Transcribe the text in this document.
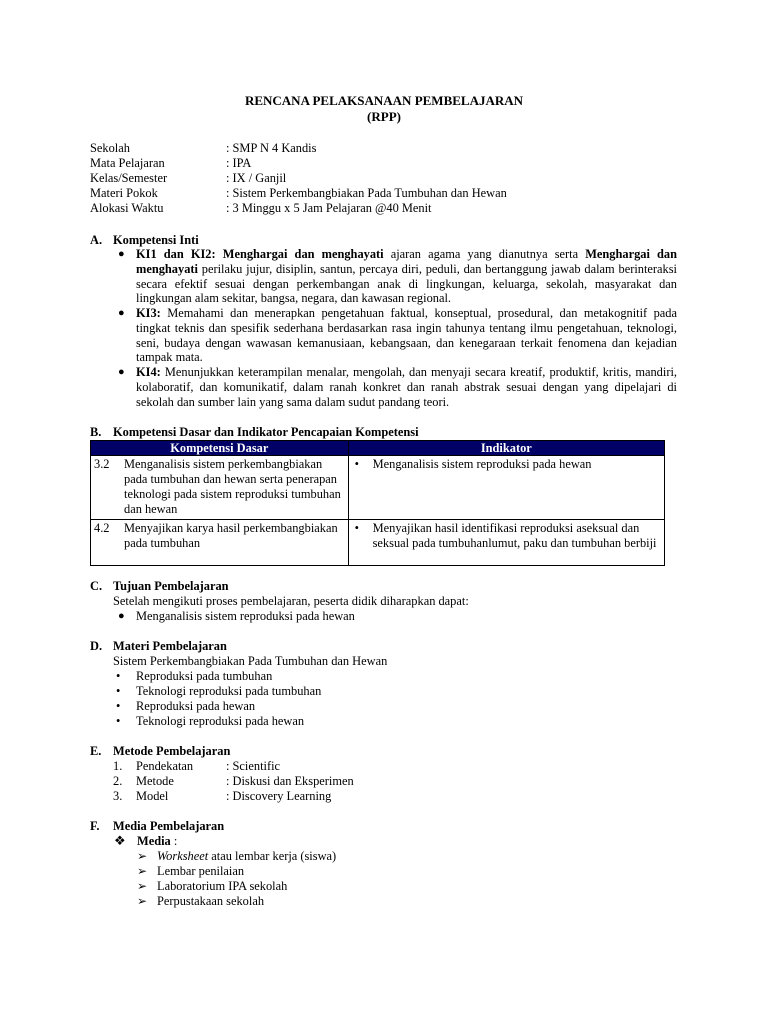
RENCANA PELAKSANAAN PEMBELAJARAN
(RPP)
Sekolah	: SMP N 4 Kandis
Mata Pelajaran	: IPA
Kelas/Semester	: IX / Ganjil
Materi Pokok	: Sistem Perkembangbiakan Pada Tumbuhan dan Hewan
Alokasi Waktu	: 3 Minggu x 5 Jam Pelajaran @40 Menit
A. Kompetensi Inti
● KI1 dan KI2: Menghargai dan menghayati ajaran agama yang dianutnya serta Menghargai dan menghayati perilaku jujur, disiplin, santun, percaya diri, peduli, dan bertanggung jawab dalam berinteraksi secara efektif sesuai dengan perkembangan anak di lingkungan, keluarga, sekolah, masyarakat dan lingkungan alam sekitar, bangsa, negara, dan kawasan regional.
● KI3: Memahami dan menerapkan pengetahuan faktual, konseptual, prosedural, dan metakognitif pada tingkat teknis dan spesifik sederhana berdasarkan rasa ingin tahunya tentang ilmu pengetahuan, teknologi, seni, budaya dengan wawasan kemanusiaan, kebangsaan, dan kenegaraan terkait fenomena dan kejadian tampak mata.
● KI4: Menunjukkan keterampilan menalar, mengolah, dan menyaji secara kreatif, produktif, kritis, mandiri, kolaboratif, dan komunikatif, dalam ranah konkret dan ranah abstrak sesuai dengan yang dipelajari di sekolah dan sumber lain yang sama dalam sudut pandang teori.
B. Kompetensi Dasar dan Indikator Pencapaian Kompetensi
Kompetensi Dasar	Indikator

3.2 Menganalisis sistem perkembangbiakan pada tumbuhan dan hewan serta penerapan teknologi pada sistem reproduksi tumbuhan dan hewan	• Menganalisis sistem reproduksi pada hewan

4.2 Menyajikan karya hasil perkembangbiakan pada tumbuhan	• Menyajikan hasil identifikasi reproduksi aseksual dan seksual pada tumbuhanlumut, paku dan tumbuhan berbiji
C. Tujuan Pembelajaran
Setelah mengikuti proses pembelajaran, peserta didik diharapkan dapat:
● Menganalisis sistem reproduksi pada hewan
D. Materi Pembelajaran
Sistem Perkembangbiakan Pada Tumbuhan dan Hewan
• Reproduksi pada tumbuhan
• Teknologi reproduksi pada tumbuhan
• Reproduksi pada hewan
• Teknologi reproduksi pada hewan
E. Metode Pembelajaran
1. Pendekatan	: Scientific
2. Metode	: Diskusi dan Eksperimen
3. Model	: Discovery Learning
F. Media Pembelajaran
❖ Media :
➢ Worksheet atau lembar kerja (siswa)
➢ Lembar penilaian
➢ Laboratorium IPA sekolah
➢ Perpustakaan sekolah
